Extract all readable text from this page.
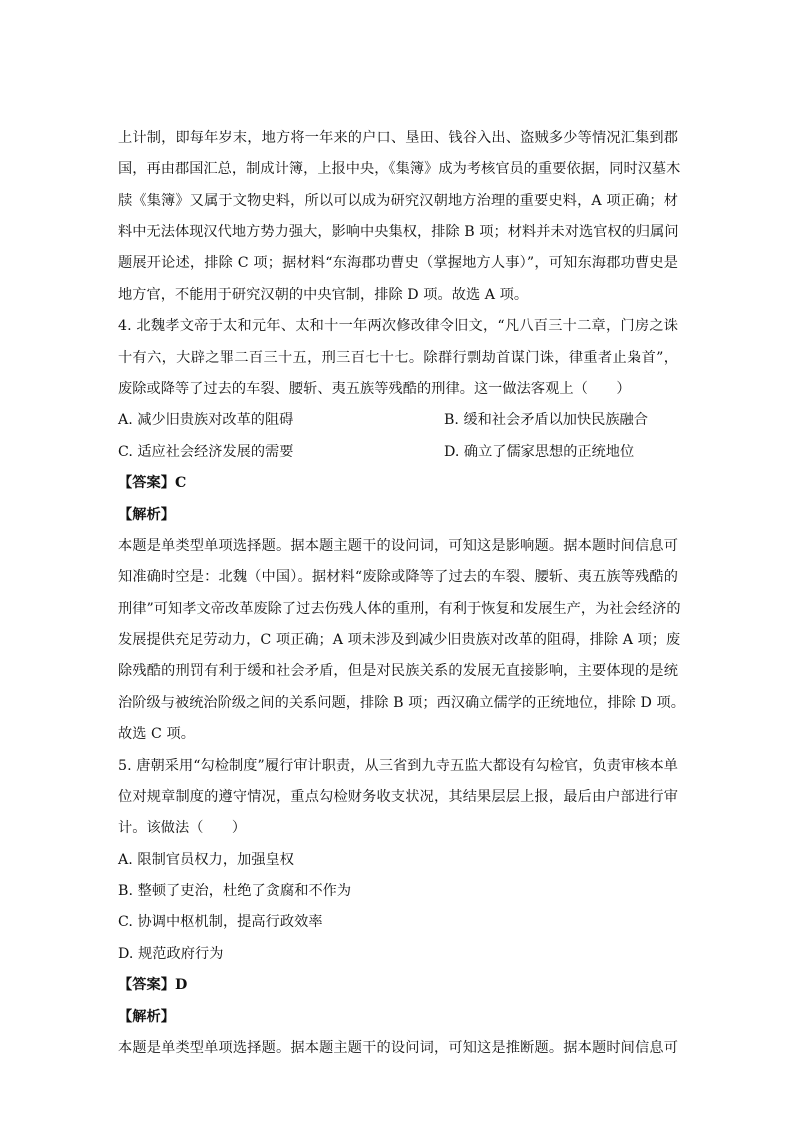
上计制，即每年岁末，地方将一年来的户口、垦田、钱谷入出、盗贼多少等情况汇集到郡
国，再由郡国汇总，制成计簿，上报中央，《集簿》成为考核官员的重要依据，同时汉墓木
牍《集簿》又属于文物史料，所以可以成为研究汉朝地方治理的重要史料，A 项正确；材
料中无法体现汉代地方势力强大，影响中央集权，排除 B 项；材料并未对选官权的归属问
题展开论述，排除 C 项；据材料“东海郡功曹史（掌握地方人事）”，可知东海郡功曹史是
地方官，不能用于研究汉朝的中央官制，排除 D 项。故选 A 项。
4. 北魏孝文帝于太和元年、太和十一年两次修改律令旧文，“凡八百三十二章，门房之诛
十有六，大辟之罪二百三十五，刑三百七十七。除群行剽劫首谋门诛，律重者止枭首”，
废除或降等了过去的车裂、腰斩、夷五族等残酷的刑律。这一做法客观上（　　）
A. 减少旧贵族对改革的阻碍	B. 缓和社会矛盾以加快民族融合
C. 适应社会经济发展的需要	D. 确立了儒家思想的正统地位
【答案】C
【解析】
本题是单类型单项选择题。据本题主题干的设问词，可知这是影响题。据本题时间信息可
知准确时空是：北魏（中国）。据材料“废除或降等了过去的车裂、腰斩、夷五族等残酷的
刑律”可知孝文帝改革废除了过去伤残人体的重刑，有利于恢复和发展生产，为社会经济的
发展提供充足劳动力，C 项正确；A 项未涉及到减少旧贵族对改革的阻碍，排除 A 项；废
除残酷的刑罚有利于缓和社会矛盾，但是对民族关系的发展无直接影响，主要体现的是统
治阶级与被统治阶级之间的关系问题，排除 B 项；西汉确立儒学的正统地位，排除 D 项。
故选 C 项。
5. 唐朝采用“勾检制度”履行审计职责，从三省到九寺五监大都设有勾检官，负责审核本单
位对规章制度的遵守情况，重点勾检财务收支状况，其结果层层上报，最后由户部进行审
计。该做法（　　）
A. 限制官员权力，加强皇权
B. 整顿了吏治，杜绝了贪腐和不作为
C. 协调中枢机制，提高行政效率
D. 规范政府行为
【答案】D
【解析】
本题是单类型单项选择题。据本题主题干的设问词，可知这是推断题。据本题时间信息可
